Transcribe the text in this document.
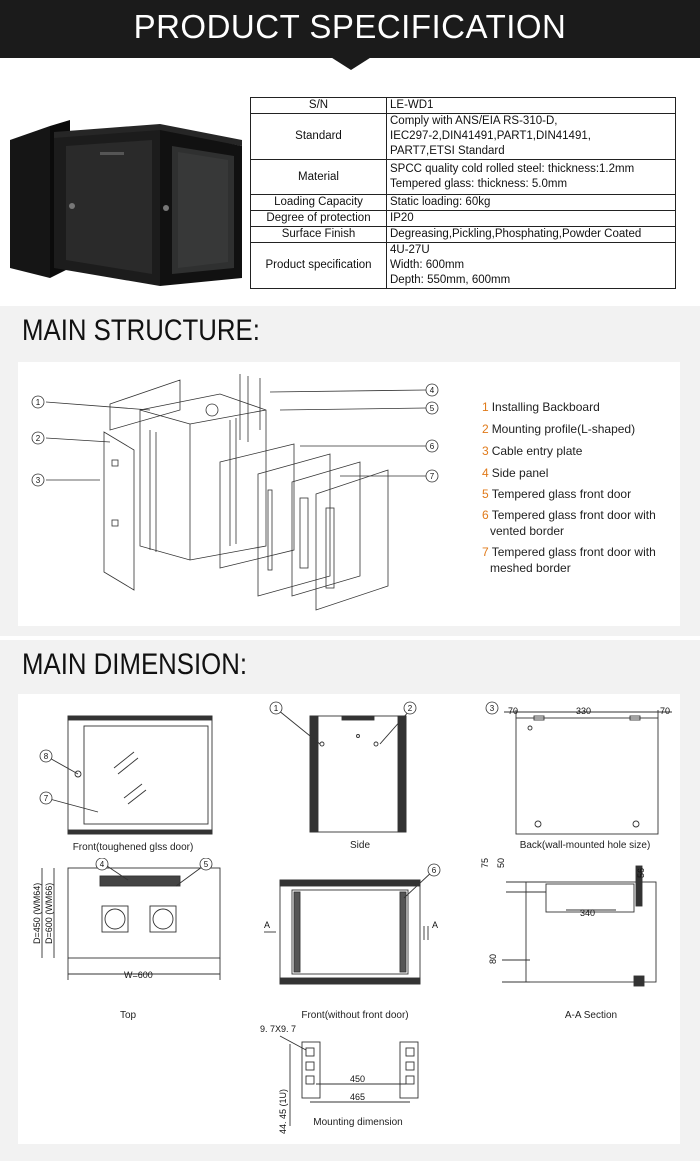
PRODUCT SPECIFICATION
S/N	LE-WD1

Standard	Comply with ANS/EIA RS-310-D,
IEC297-2,DIN41491,PART1,DIN41491,
PART7,ETSI Standard

Material	SPCC quality cold rolled steel: thickness:1.2mm
Tempered glass: thickness: 5.0mm

Loading Capacity	Static loading: 60kg

Degree of protection	IP20

Surface Finish	Degreasing,Pickling,Phosphating,Powder Coated

Product specification	4U-27U
Width: 600mm
Depth: 550mm, 600mm
MAIN STRUCTURE:
1
2
3
4
5
6
7
1 Installing Backboard
2 Mounting profile(L-shaped)
3 Cable entry plate
4 Side panel
5 Tempered glass front door
6 Tempered glass front door with
vented border
7 Tempered glass front door with
meshed border
MAIN DIMENSION:
8
7
Front(toughened glss door)
1	2
Side
3 70	330	70
Back(wall-mounted hole size)
4	5
W=600
D=450 (WM64) D=600 (WM66)
Top
6
A	A
Front(without front door)
75 50
56
340
80
A-A Section
9. 7X9. 7
450
465
44. 45 (1U)	Mounting dimension
